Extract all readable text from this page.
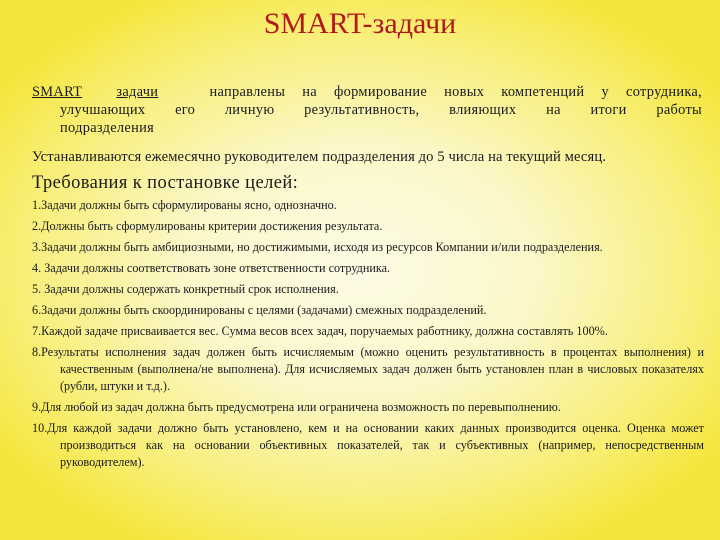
SMART-задачи
SMART задачи	направлены на формирование новых компетенций у сотрудника,
улучшающих его личную результативность, влияющих на итоги работы
подразделения
Устанавливаются ежемесячно руководителем подразделения до 5 числа на текущий месяц.
Требования к постановке целей:
1.Задачи должны быть сформулированы ясно, однозначно.
2.Должны быть сформулированы критерии достижения результата.
3.Задачи должны быть амбициозными, но достижимыми, исходя из ресурсов Компании и/или подразделения.
4. Задачи должны соответствовать зоне ответственности сотрудника.
5. Задачи должны содержать конкретный срок исполнения.
6.Задачи должны быть скоординированы с целями (задачами) смежных подразделений.
7.Каждой задаче присваивается вес. Сумма весов всех задач, поручаемых работнику, должна составлять 100%.
8.Результаты исполнения задач должен быть исчисляемым (можно оценить результативность в процентах выполнения) и качественным (выполнена/не выполнена). Для исчисляемых задач должен быть установлен план в числовых показателях (рубли, штуки и т.д.).
9.Для любой из задач должна быть предусмотрена или ограничена возможность по перевыполнению.
10.Для каждой задачи должно быть установлено, кем и на основании каких данных производится оценка. Оценка может производиться как на основании объективных показателей, так и субъективных (например, непосредственным руководителем).
